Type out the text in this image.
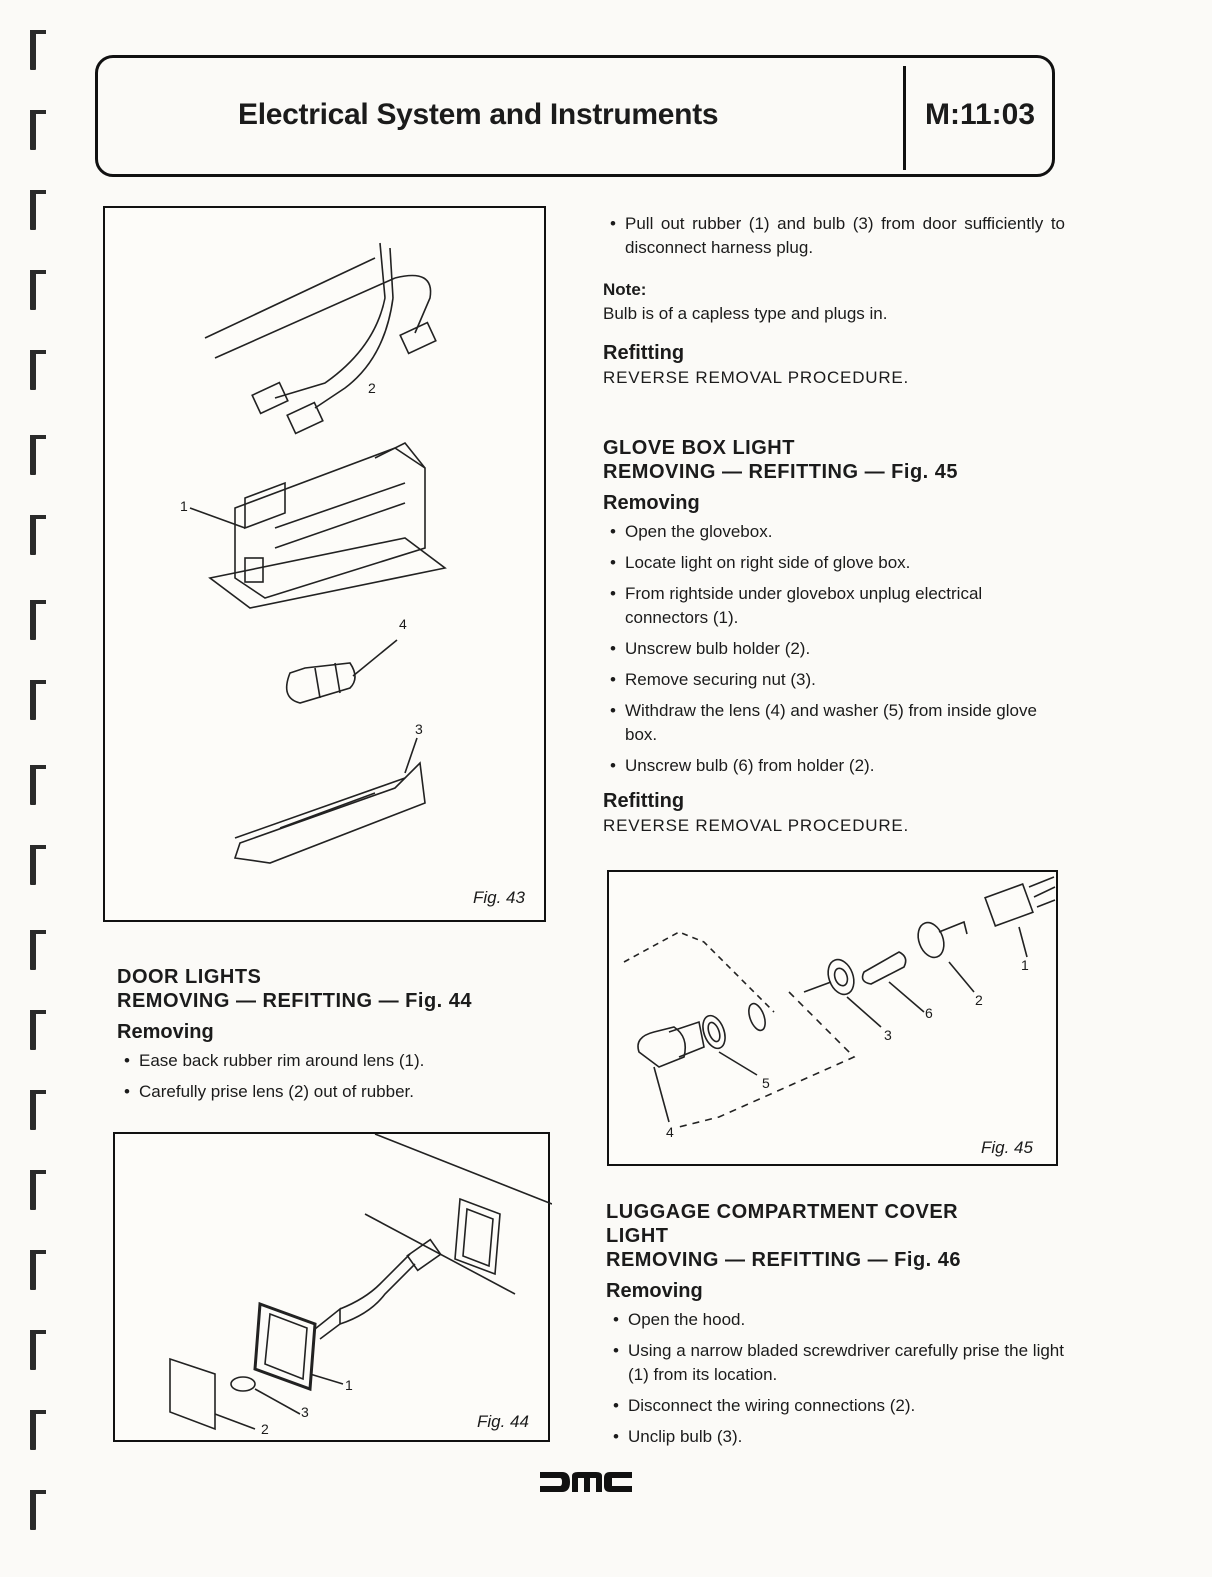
Electrical System and Instruments	M:11:03
1
2
4
3
Fig. 43
DOOR LIGHTS
REMOVING — REFITTING — Fig. 44
Removing
• Ease back rubber rim around lens (1).
• Carefully prise lens (2) out of rubber.
1
3
2	Fig. 44
• Pull out rubber (1) and bulb (3) from door sufficiently to disconnect harness plug.
Note:
Bulb is of a capless type and plugs in.
Refitting
REVERSE REMOVAL PROCEDURE.
GLOVE BOX LIGHT
REMOVING — REFITTING — Fig. 45
Removing
• Open the glovebox.
• Locate light on right side of glove box.
• From rightside under glovebox unplug electrical connectors (1).
• Unscrew bulb holder (2).
• Remove securing nut (3).
• Withdraw the lens (4) and washer (5) from inside glove box.
• Unscrew bulb (6) from holder (2).
Refitting
REVERSE REMOVAL PROCEDURE.
1
2
6
3
5
4
Fig. 45
LUGGAGE COMPARTMENT COVER
LIGHT
REMOVING — REFITTING — Fig. 46
Removing
• Open the hood.
• Using a narrow bladed screwdriver carefully prise the light (1) from its location.
• Disconnect the wiring connections (2).
• Unclip bulb (3).
